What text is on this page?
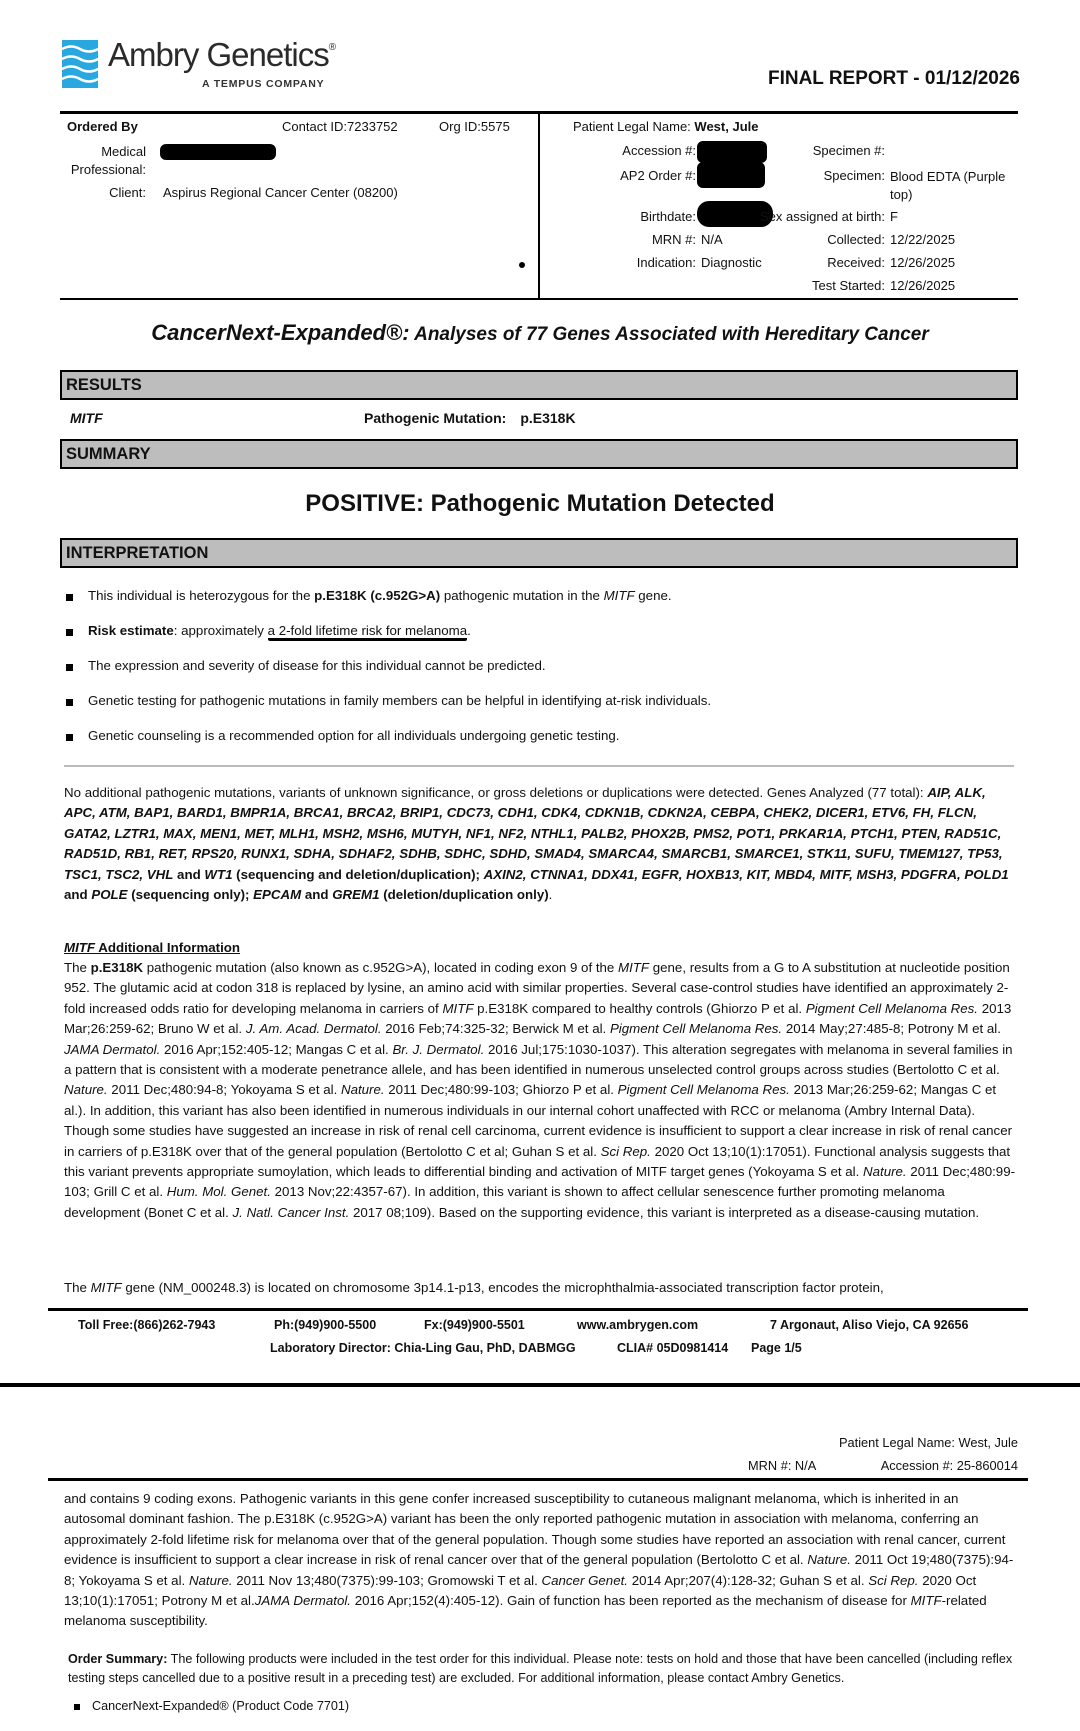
Ambry Genetics®
A TEMPUS COMPANY	FINAL REPORT - 01/12/2026
Ordered By	Contact ID:7233752	Org ID:5575
Medical
Professional:
Client: Aspirus Regional Cancer Center (08200)
Patient Legal Name: West, Jule
Accession #:
AP2 Order #:
Birthdate:
MRN #: N/A
Indication: Diagnostic
Specimen #:
Specimen: Blood EDTA (Purple
top)
Sex assigned at birth: F
Collected: 12/22/2025
Received: 12/26/2025
Test Started: 12/26/2025
CancerNext-Expanded®: Analyses of 77 Genes Associated with Hereditary Cancer
RESULTS
MITF	Pathogenic Mutation: p.E318K
SUMMARY
POSITIVE: Pathogenic Mutation Detected
INTERPRETATION
This individual is heterozygous for the p.E318K (c.952G>A) pathogenic mutation in the MITF gene.
Risk estimate: approximately a 2-fold lifetime risk for melanoma.
The expression and severity of disease for this individual cannot be predicted.
Genetic testing for pathogenic mutations in family members can be helpful in identifying at-risk individuals.
Genetic counseling is a recommended option for all individuals undergoing genetic testing.
No additional pathogenic mutations, variants of unknown significance, or gross deletions or duplications were detected. Genes Analyzed (77 total): AIP, ALK, APC, ATM, BAP1, BARD1, BMPR1A, BRCA1, BRCA2, BRIP1, CDC73, CDH1, CDK4, CDKN1B, CDKN2A, CEBPA, CHEK2, DICER1, ETV6, FH, FLCN, GATA2, LZTR1, MAX, MEN1, MET, MLH1, MSH2, MSH6, MUTYH, NF1, NF2, NTHL1, PALB2, PHOX2B, PMS2, POT1, PRKAR1A, PTCH1, PTEN, RAD51C, RAD51D, RB1, RET, RPS20, RUNX1, SDHA, SDHAF2, SDHB, SDHC, SDHD, SMAD4, SMARCA4, SMARCB1, SMARCE1, STK11, SUFU, TMEM127, TP53, TSC1, TSC2, VHL and WT1 (sequencing and deletion/duplication); AXIN2, CTNNA1, DDX41, EGFR, HOXB13, KIT, MBD4, MITF, MSH3, PDGFRA, POLD1 and POLE (sequencing only); EPCAM and GREM1 (deletion/duplication only).
MITF Additional Information
The p.E318K pathogenic mutation (also known as c.952G>A), located in coding exon 9 of the MITF gene, results from a G to A substitution at nucleotide position 952. The glutamic acid at codon 318 is replaced by lysine, an amino acid with similar properties. Several case-control studies have identified an approximately 2-fold increased odds ratio for developing melanoma in carriers of MITF p.E318K compared to healthy controls (Ghiorzo P et al. Pigment Cell Melanoma Res. 2013 Mar;26:259-62; Bruno W et al. J. Am. Acad. Dermatol. 2016 Feb;74:325-32; Berwick M et al. Pigment Cell Melanoma Res. 2014 May;27:485-8; Potrony M et al. JAMA Dermatol. 2016 Apr;152:405-12; Mangas C et al. Br. J. Dermatol. 2016 Jul;175:1030-1037). This alteration segregates with melanoma in several families in a pattern that is consistent with a moderate penetrance allele, and has been identified in numerous unselected control groups across studies (Bertolotto C et al. Nature. 2011 Dec;480:94-8; Yokoyama S et al. Nature. 2011 Dec;480:99-103; Ghiorzo P et al. Pigment Cell Melanoma Res. 2013 Mar;26:259-62; Mangas C et al.). In addition, this variant has also been identified in numerous individuals in our internal cohort unaffected with RCC or melanoma (Ambry Internal Data). Though some studies have suggested an increase in risk of renal cell carcinoma, current evidence is insufficient to support a clear increase in risk of renal cancer in carriers of p.E318K over that of the general population (Bertolotto C et al; Guhan S et al. Sci Rep. 2020 Oct 13;10(1):17051). Functional analysis suggests that this variant prevents appropriate sumoylation, which leads to differential binding and activation of MITF target genes (Yokoyama S et al. Nature. 2011 Dec;480:99-103; Grill C et al. Hum. Mol. Genet. 2013 Nov;22:4357-67). In addition, this variant is shown to affect cellular senescence further promoting melanoma development (Bonet C et al. J. Natl. Cancer Inst. 2017 08;109). Based on the supporting evidence, this variant is interpreted as a disease-causing mutation.
The MITF gene (NM_000248.3) is located on chromosome 3p14.1-p13, encodes the microphthalmia-associated transcription factor protein,
Toll Free:(866)262-7943	Ph:(949)900-5500	Fx:(949)900-5501	www.ambrygen.com	7 Argonaut, Aliso Viejo, CA 92656
Laboratory Director: Chia-Ling Gau, PhD, DABMGG	CLIA# 05D0981414 Page 1/5
Patient Legal Name: West, Jule
MRN #: N/A	Accession #: 25-860014
and contains 9 coding exons. Pathogenic variants in this gene confer increased susceptibility to cutaneous malignant melanoma, which is inherited in an autosomal dominant fashion. The p.E318K (c.952G>A) variant has been the only reported pathogenic mutation in association with melanoma, conferring an approximately 2-fold lifetime risk for melanoma over that of the general population. Though some studies have reported an association with renal cancer, current evidence is insufficient to support a clear increase in risk of renal cancer over that of the general population (Bertolotto C et al. Nature. 2011 Oct 19;480(7375):94-8; Yokoyama S et al. Nature. 2011 Nov 13;480(7375):99-103; Gromowski T et al. Cancer Genet. 2014 Apr;207(4):128-32; Guhan S et al. Sci Rep. 2020 Oct 13;10(1):17051; Potrony M et al.JAMA Dermatol. 2016 Apr;152(4):405-12). Gain of function has been reported as the mechanism of disease for MITF-related melanoma susceptibility.
Order Summary: The following products were included in the test order for this individual. Please note: tests on hold and those that have been cancelled (including reflex testing steps cancelled due to a positive result in a preceding test) are excluded. For additional information, please contact Ambry Genetics.
CancerNext-Expanded® (Product Code 7701)
